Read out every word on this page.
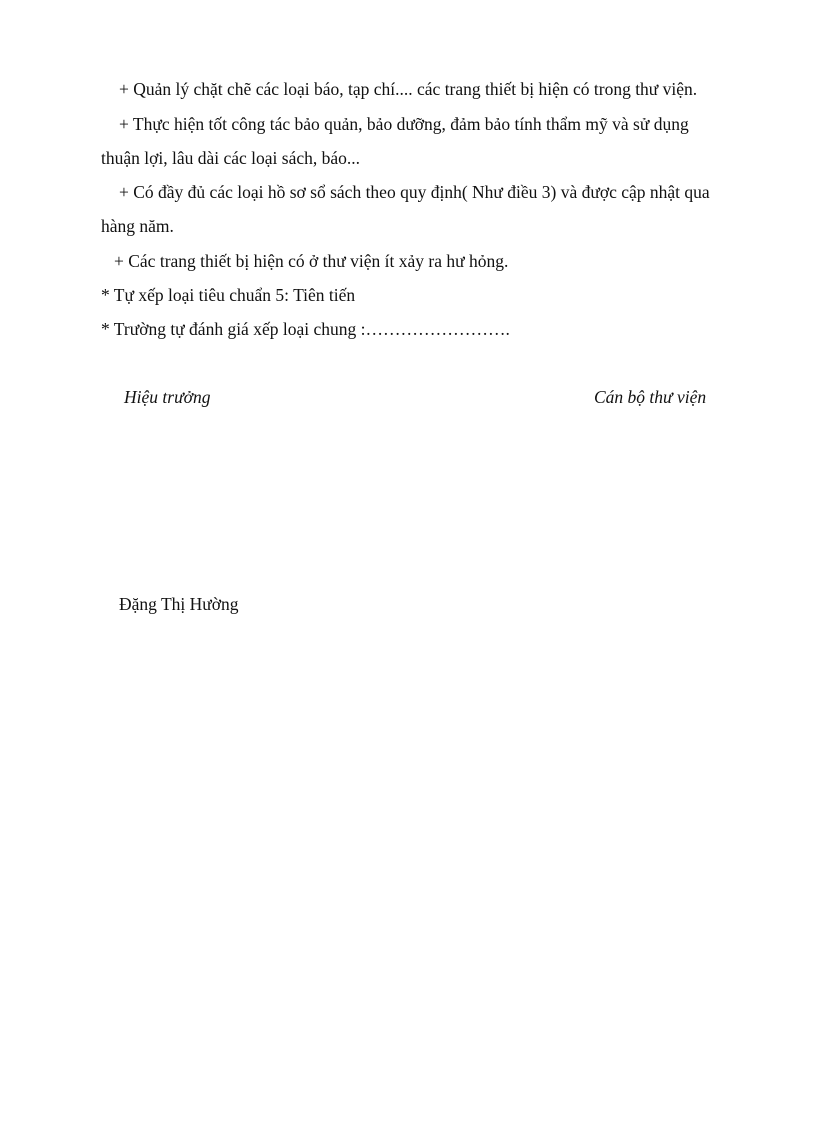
+ Quản lý chặt chẽ các loại báo, tạp chí.... các trang thiết bị hiện có trong thư viện.
+ Thực hiện tốt công tác bảo quản, bảo dưỡng, đảm bảo tính thẩm mỹ và sử dụng
thuận lợi, lâu dài các loại sách, báo...
+ Có đầy đủ các loại hồ sơ sổ sách theo quy định( Như điều 3) và được cập nhật qua
hàng năm.
+ Các trang thiết bị hiện có ở thư viện ít xảy ra hư hỏng.
* Tự xếp loại tiêu chuẩn 5: Tiên tiến
* Trường tự đánh giá xếp loại chung :…………………….
Hiệu trưởng	Cán bộ thư viện
Đặng Thị Hường
